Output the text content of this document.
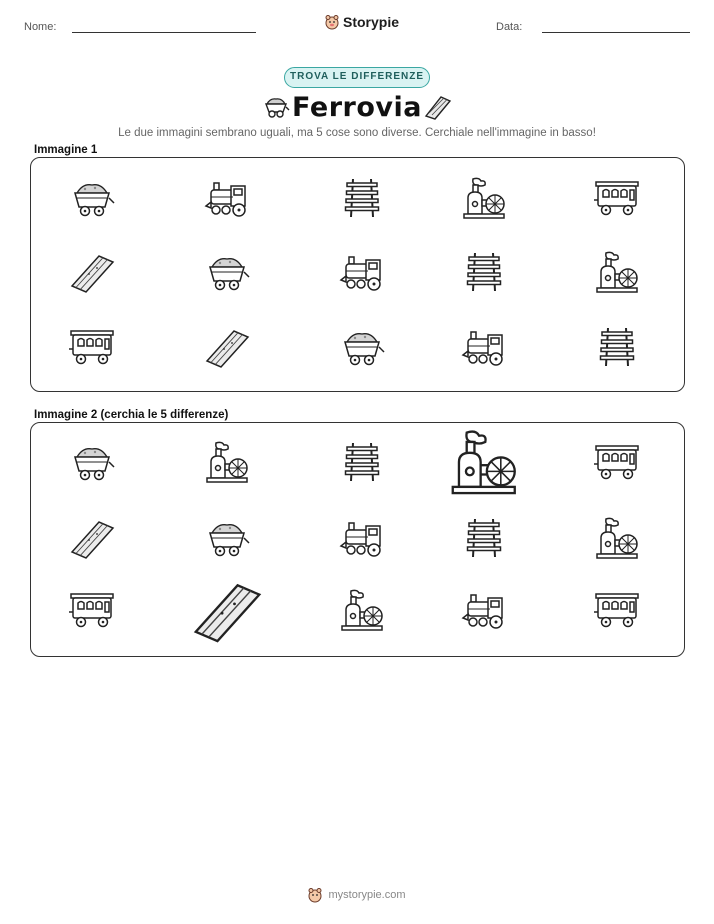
Nome:	Storypie	Data:
TROVA LE DIFFERENZE
Ferrovia
Le due immagini sembrano uguali, ma 5 cose sono diverse. Cerchiale nell'immagine in basso!
Immagine 1
Immagine 2 (cerchia le 5 differenze)
mystorypie.com
